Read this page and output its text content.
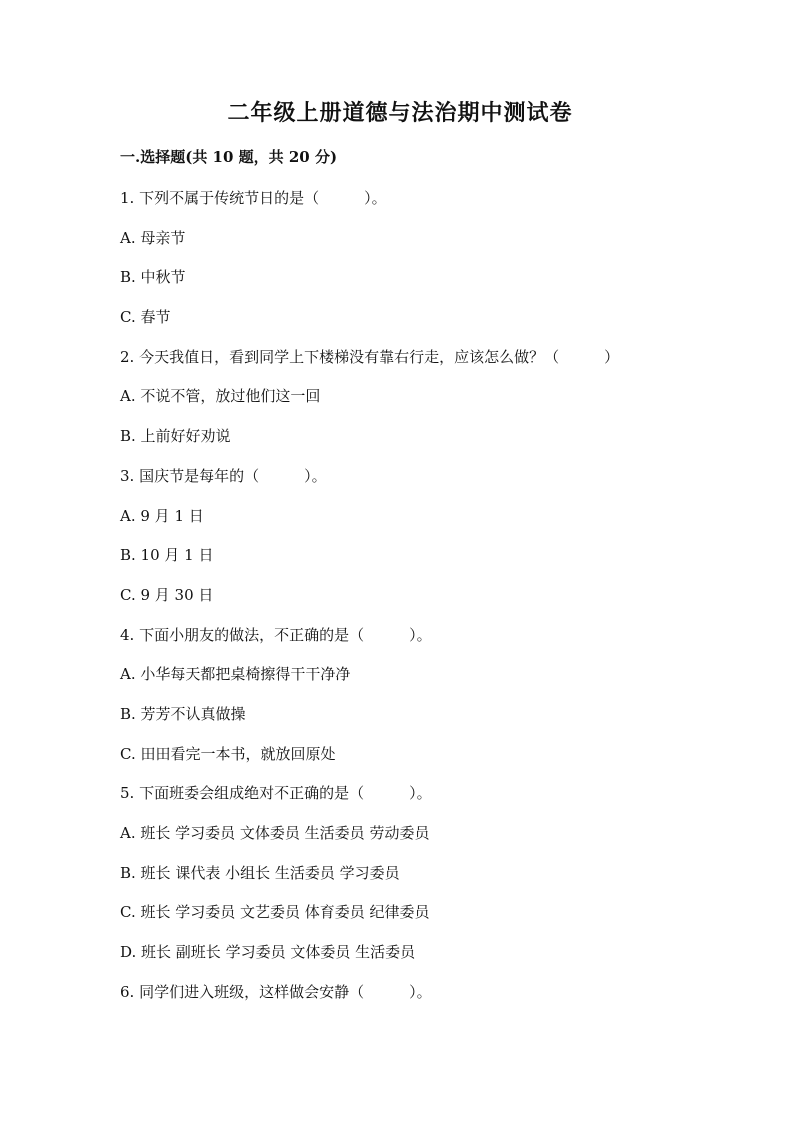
二年级上册道德与法治期中测试卷
一.选择题(共 10 题，共 20 分)
1. 下列不属于传统节日的是（　　　）。
A. 母亲节
B. 中秋节
C. 春节
2. 今天我值日，看到同学上下楼梯没有靠右行走，应该怎么做？（　　　）
A. 不说不管，放过他们这一回
B. 上前好好劝说
3. 国庆节是每年的（　　　）。
A. 9 月 1 日
B. 10 月 1 日
C. 9 月 30 日
4. 下面小朋友的做法，不正确的是（　　　）。
A. 小华每天都把桌椅擦得干干净净
B. 芳芳不认真做操
C. 田田看完一本书，就放回原处
5. 下面班委会组成绝对不正确的是（　　　）。
A. 班长 学习委员 文体委员 生活委员 劳动委员
B. 班长 课代表 小组长 生活委员 学习委员
C. 班长 学习委员 文艺委员 体育委员 纪律委员
D. 班长 副班长 学习委员 文体委员 生活委员
6. 同学们进入班级，这样做会安静（　　　）。
